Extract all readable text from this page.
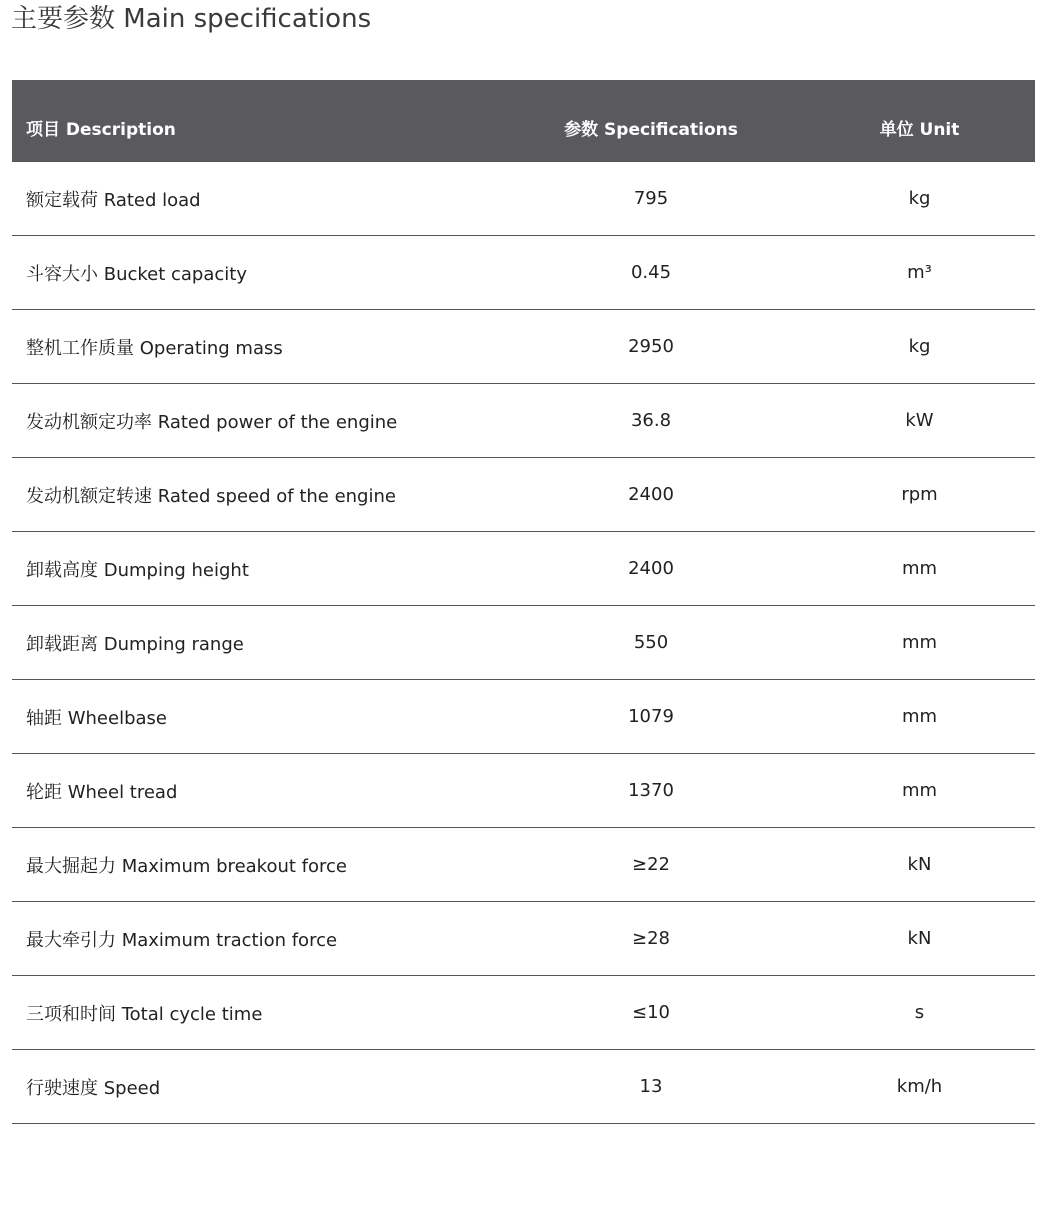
主要参数 Main specifications
项目 Description	参数 Specifications	单位 Unit
额定载荷 Rated load	795	kg
斗容大小 Bucket capacity	0.45	m³
整机工作质量 Operating mass	2950	kg
发动机额定功率 Rated power of the engine	36.8	kW
发动机额定转速 Rated speed of the engine	2400	rpm
卸载高度 Dumping height	2400	mm
卸载距离 Dumping range	550	mm
轴距 Wheelbase	1079	mm
轮距 Wheel tread	1370	mm
最大掘起力 Maximum breakout force	≥22	kN
最大牵引力 Maximum traction force	≥28	kN
三项和时间 Total cycle time	≤10	s
行驶速度 Speed	13	km/h
